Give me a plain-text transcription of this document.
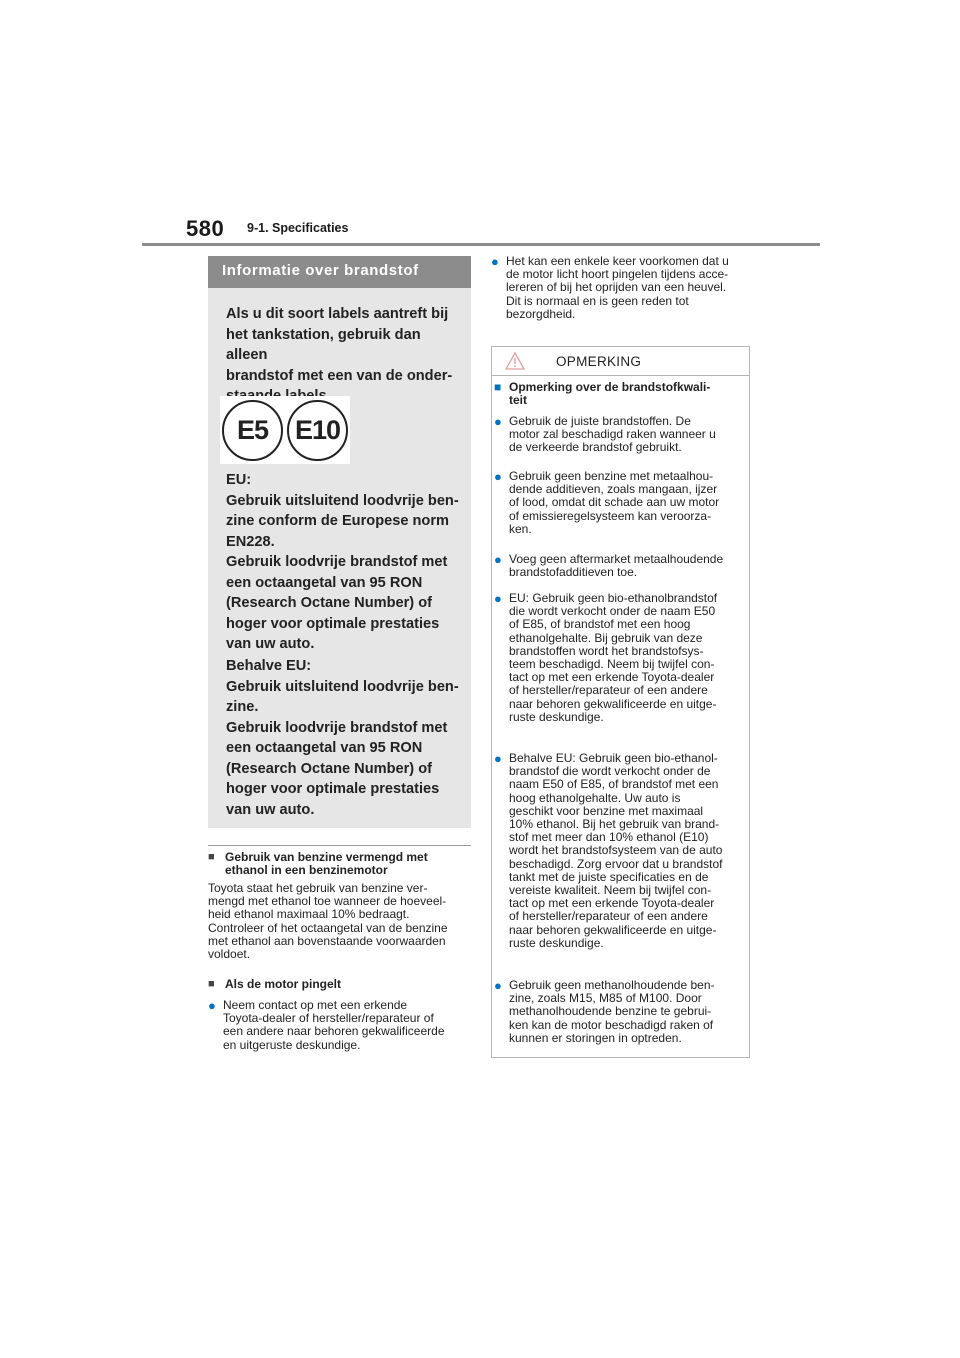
580 9-1. Specificaties
Informatie over brandstof

Als u dit soort labels aantreft bij

het tankstation, gebruik dan alleen

brandstof met een van de onder-

E5 E10

EU:

Gebruik uitsluitend loodvrije ben-

zine conform de Europese norm

EN228.

Gebruik loodvrije brandstof met

een octaangetal van 95 RON

(Research Octane Number) of

hoger voor optimale prestaties

van uw auto.

Behalve EU:

Gebruik uitsluitend loodvrije ben-

zine.

Gebruik loodvrije brandstof met

een octaangetal van 95 RON

(Research Octane Number) of

hoger voor optimale prestaties

van uw auto.

■ Gebruik van benzine vermengd met
ethanol in een benzinemotor
Toyota staat het gebruik van benzine ver-
mengd met ethanol toe wanneer de hoeveel-
heid ethanol maximaal 10% bedraagt.
Controleer of het octaangetal van de benzine
met ethanol aan bovenstaande voorwaarden
voldoet.
■ Als de motor pingelt
● Neem contact op met een erkende
Toyota-dealer of hersteller/reparateur of
een andere naar behoren gekwalificeerde
en uitgeruste deskundige.
● Het kan een enkele keer voorkomen dat u
de motor licht hoort pingelen tijdens acce-
lereren of bij het oprijden van een heuvel.
Dit is normaal en is geen reden tot
bezorgdheid.
OPMERKING
■ Opmerking over de brandstofkwali-
teit
● Gebruik de juiste brandstoffen. De
motor zal beschadigd raken wanneer u
de verkeerde brandstof gebruikt.
● Gebruik geen benzine met metaalhou-
dende additieven, zoals mangaan, ijzer
of lood, omdat dit schade aan uw motor
of emissieregelsysteem kan veroorza-
ken.
● Voeg geen aftermarket metaalhoudende
brandstofadditieven toe.
● EU: Gebruik geen bio-ethanolbrandstof
die wordt verkocht onder de naam E50
of E85, of brandstof met een hoog
ethanolgehalte. Bij gebruik van deze
brandstoffen wordt het brandstofsys-
teem beschadigd. Neem bij twijfel con-
tact op met een erkende Toyota-dealer
of hersteller/reparateur of een andere
naar behoren gekwalificeerde en uitge-
ruste deskundige.
● Behalve EU: Gebruik geen bio-ethanol-
brandstof die wordt verkocht onder de
naam E50 of E85, of brandstof met een
hoog ethanolgehalte. Uw auto is
geschikt voor benzine met maximaal
10% ethanol. Bij het gebruik van brand-
stof met meer dan 10% ethanol (E10)
wordt het brandstofsysteem van de auto
beschadigd. Zorg ervoor dat u brandstof
tankt met de juiste specificaties en de
vereiste kwaliteit. Neem bij twijfel con-
tact op met een erkende Toyota-dealer
of hersteller/reparateur of een andere
naar behoren gekwalificeerde en uitge-
ruste deskundige.
● Gebruik geen methanolhoudende ben-
zine, zoals M15, M85 of M100. Door
methanolhoudende benzine te gebrui-
ken kan de motor beschadigd raken of
kunnen er storingen in optreden.
